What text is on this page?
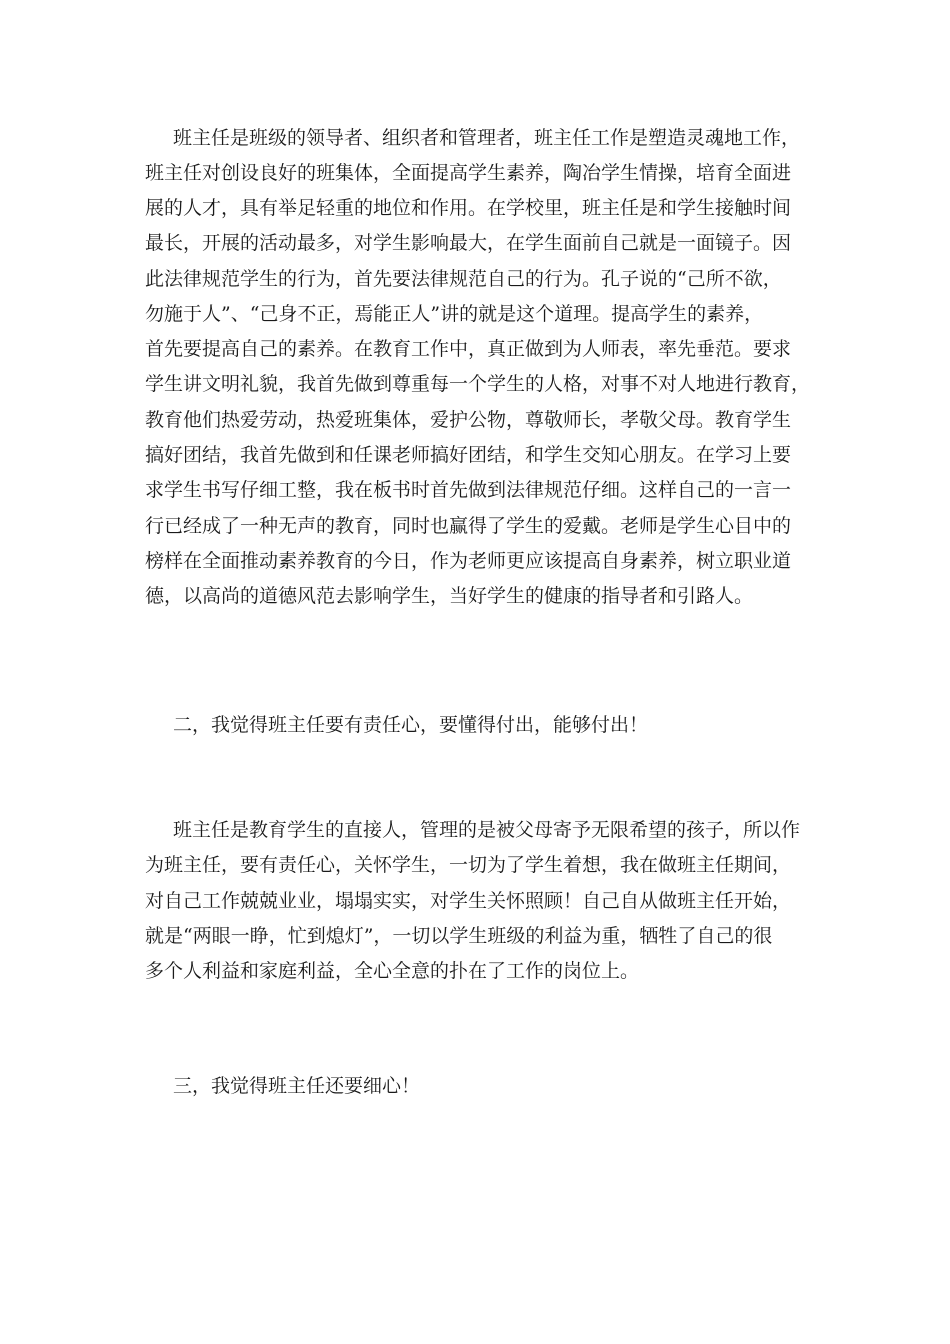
班主任是班级的领导者、组织者和管理者，班主任工作是塑造灵魂地工作，

班主任对创设良好的班集体，全面提高学生素养，陶冶学生情操，培育全面进

展的人才，具有举足轻重的地位和作用。在学校里，班主任是和学生接触时间

最长，开展的活动最多，对学生影响最大，在学生面前自己就是一面镜子。因

此法律规范学生的行为，首先要法律规范自己的行为。孔子说的“己所不欲，

勿施于人”、“己身不正，焉能正人”讲的就是这个道理。提高学生的素养，

首先要提高自己的素养。在教育工作中，真正做到为人师表，率先垂范。要求

学生讲文明礼貌，我首先做到尊重每一个学生的人格，对事不对人地进行教育，

教育他们热爱劳动，热爱班集体，爱护公物，尊敬师长，孝敬父母。教育学生

搞好团结，我首先做到和任课老师搞好团结，和学生交知心朋友。在学习上要

求学生书写仔细工整，我在板书时首先做到法律规范仔细。这样自己的一言一

行已经成了一种无声的教育，同时也赢得了学生的爱戴。老师是学生心目中的

榜样在全面推动素养教育的今日，作为老师更应该提高自身素养，树立职业道

德，以高尚的道德风范去影响学生，当好学生的健康的指导者和引路人。

二，我觉得班主任要有责任心，要懂得付出，能够付出！

班主任是教育学生的直接人，管理的是被父母寄予无限希望的孩子，所以作

为班主任，要有责任心，关怀学生，一切为了学生着想，我在做班主任期间，

对自己工作兢兢业业，塌塌实实，对学生关怀照顾！自己自从做班主任开始，

就是“两眼一睁，忙到熄灯”，一切以学生班级的利益为重，牺牲了自己的很

多个人利益和家庭利益，全心全意的扑在了工作的岗位上。

三，我觉得班主任还要细心！
